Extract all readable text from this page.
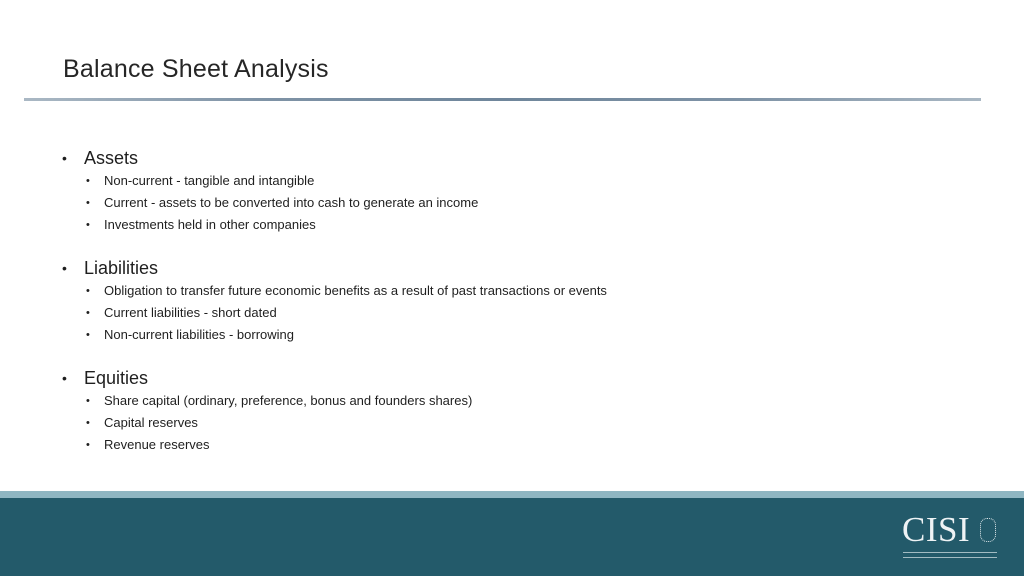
Balance Sheet Analysis
• Assets
• Non-current - tangible and intangible
• Current - assets to be converted into cash to generate an income
• Investments held in other companies
• Liabilities
• Obligation to transfer future economic benefits as a result of past transactions or events
• Current liabilities - short dated
• Non-current liabilities - borrowing
• Equities
• Share capital (ordinary, preference, bonus and founders shares)
• Capital reserves
• Revenue reserves
CISI
